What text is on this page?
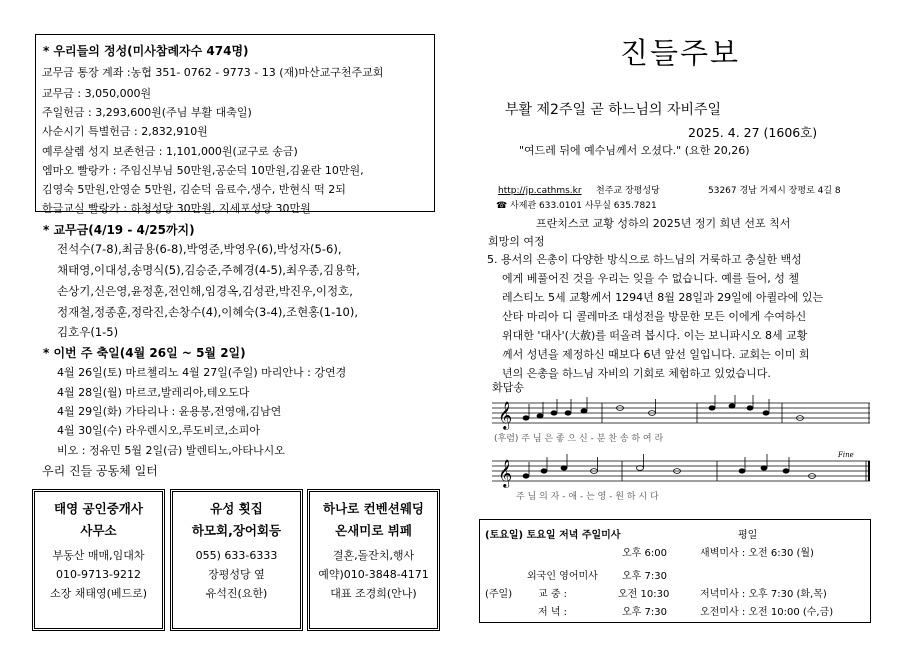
* 우리들의 정성(미사참례자수 474명)
교무금 통장 계좌 :농협 351- 0762 - 9773 - 13 (재)마산교구천주교회
교무금 : 3,050,000원
주일헌금 : 3,293,600원(주님 부활 대축일)
사순시기 특별헌금 : 2,832,910원
예루살렘 성지 보존헌금 : 1,101,000원(교구로 송금)
엠마오 빨랑카 : 주임신부님 50만원,공순덕 10만원,김윤란 10만원,
김영숙 5만원,안영순 5만원, 김순덕 음료수,생수, 반현식 떡 2되
한글교실 빨랑카 : 하청성당 30만원, 지세포성당 30만원
* 교무금(4/19 - 4/25까지)
전석수(7-8),최금용(6-8),박영준,박영우(6),박성자(5-6),
채태영,이대성,송명식(5),김승준,주혜경(4-5),최우종,김용학,
손상기,신은영,윤정훈,전인해,임경옥,김성관,박진우,이정호,
정재철,정종훈,정락진,손창수(4),이혜숙(3-4),조현홍(1-10),
김호우(1-5)
* 이번 주 축일(4월 26일 ~ 5월 2일)
4월 26일(토) 마르첼리노 4월 27일(주일) 마리안나 : 강연경
4월 28일(월) 마르코,발레리아,테오도다
4월 29일(화) 가타리나 : 윤용봉,전영애,김남연
4월 30일(수) 라우렌시오,루도비코,소피아
비오 : 정유민 5월 2일(금) 발렌티노,아타나시오
우리 진들 공동체 일터
태영 공인중개사
사무소
부동산 매매,임대차
010-9713-9212
소장 채태영(베드로)
유성 횟집
하모회,장어회등
055) 633-6333
장평성당 옆
유석진(요한)
하나로 컨벤션웨딩
온새미로 뷔페
결혼,돌잔치,행사
예약)010-3848-4171
대표 조경희(안나)
진들주보
부활 제2주일 곧 하느님의 자비주일
2025. 4. 27 (1606호)
"여드레 뒤에 예수님께서 오셨다." (요한 20,26)
http://jp.cathms.kr 천주교 장평성당	53267 경남 거제시 장평로 4길 8
☎ 사제관 633.0101 사무실 635.7821
프란치스코 교황 성하의 2025년 정기 희년 선포 칙서
희망의 여정
5. 용서의 은총이 다양한 방식으로 하느님의 거룩하고 충실한 백성
에게 베풀어진 것을 우리는 잊을 수 없습니다. 예를 들어, 성 첼
레스티노 5세 교황께서 1294년 8월 28일과 29일에 아퀼라에 있는
산타 마리아 디 콜레마조 대성전을 방문한 모든 이에게 수여하신
위대한 '대사'(大赦)를 떠올려 봅시다. 이는 보니파시오 8세 교황
께서 성년을 제정하신 때보다 6년 앞선 일입니다. 교회는 이미 희
년의 은총을 하느님 자비의 기회로 체험하고 있었습니다.
화답송
𝄞
(후렴) 주 님 은 좋 으 신 - 분 찬 송 하 여 라
𝄞
Fine
주 님 의 자 - 애 - 는 영 - 원 하 시 다
(토요일) 토요일 저녁 주일미사	평일
오후 6:00	새벽미사 : 오전 6:30 (월)
외국인 영어미사 오후 7:30
(주일)	교 중 :	오전 10:30	저녁미사 : 오후 7:30 (화,목)
저 녁 :	오후 7:30	오전미사 : 오전 10:00 (수,금)
